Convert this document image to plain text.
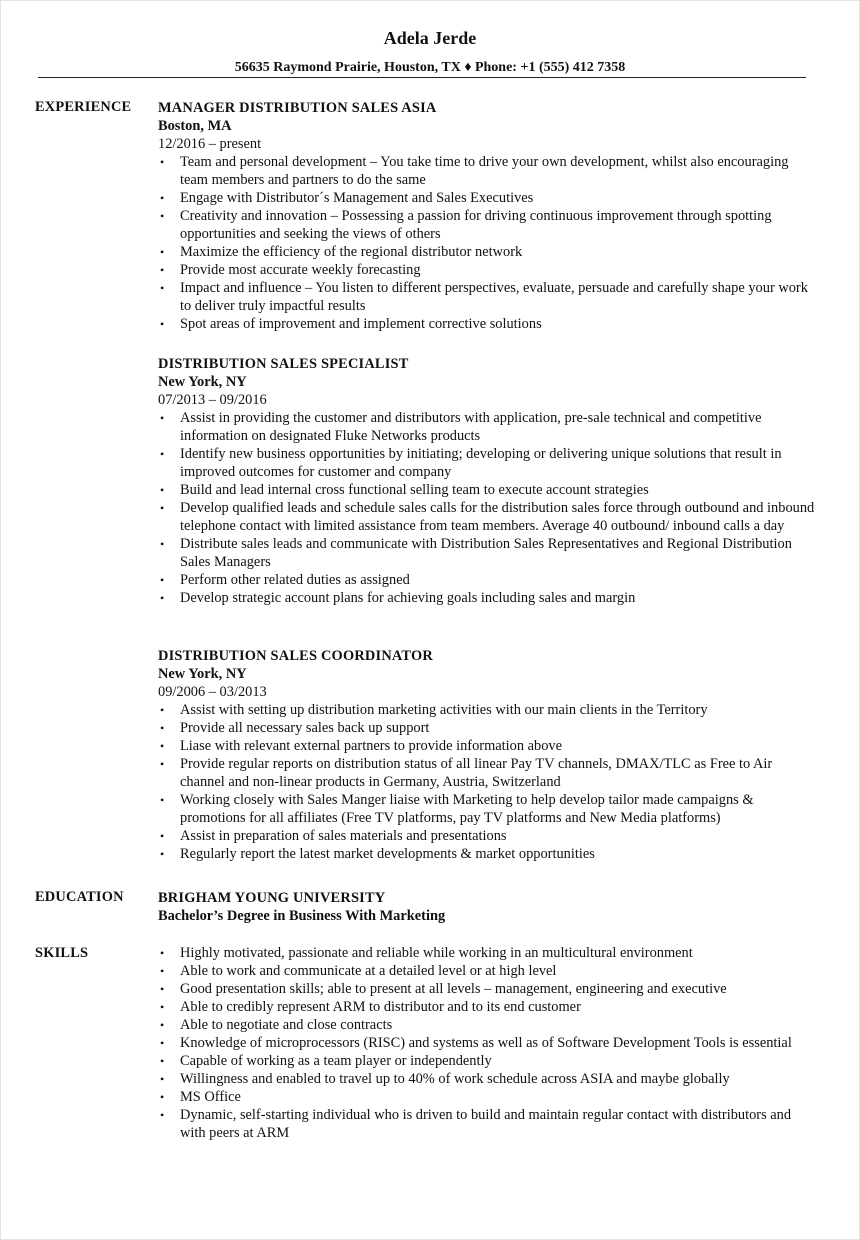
Adela Jerde
56635 Raymond Prairie, Houston, TX ♦ Phone: +1 (555) 412 7358
EXPERIENCE MANAGER DISTRIBUTION SALES ASIA
Boston, MA
12/2016 – present
• Team and personal development – You take time to drive your own development, whilst also encouraging team members and partners to do the same
• Engage with Distributor´s Management and Sales Executives
• Creativity and innovation – Possessing a passion for driving continuous improvement through spotting opportunities and seeking the views of others
• Maximize the efficiency of the regional distributor network
• Provide most accurate weekly forecasting
• Impact and influence – You listen to different perspectives, evaluate, persuade and carefully shape your work to deliver truly impactful results
• Spot areas of improvement and implement corrective solutions
DISTRIBUTION SALES SPECIALIST
New York, NY
07/2013 – 09/2016
• Assist in providing the customer and distributors with application, pre-sale technical and competitive information on designated Fluke Networks products
• Identify new business opportunities by initiating; developing or delivering unique solutions that result in improved outcomes for customer and company
• Build and lead internal cross functional selling team to execute account strategies
• Develop qualified leads and schedule sales calls for the distribution sales force through outbound and inbound telephone contact with limited assistance from team members. Average 40 outbound/ inbound calls a day
• Distribute sales leads and communicate with Distribution Sales Representatives and Regional Distribution Sales Managers
• Perform other related duties as assigned
• Develop strategic account plans for achieving goals including sales and margin
DISTRIBUTION SALES COORDINATOR
New York, NY
09/2006 – 03/2013
• Assist with setting up distribution marketing activities with our main clients in the Territory
• Provide all necessary sales back up support
• Liase with relevant external partners to provide information above
• Provide regular reports on distribution status of all linear Pay TV channels, DMAX/TLC as Free to Air channel and non-linear products in Germany, Austria, Switzerland
• Working closely with Sales Manger liaise with Marketing to help develop tailor made campaigns & promotions for all affiliates (Free TV platforms, pay TV platforms and New Media platforms)
• Assist in preparation of sales materials and presentations
• Regularly report the latest market developments & market opportunities
EDUCATION BRIGHAM YOUNG UNIVERSITY
Bachelor’s Degree in Business With Marketing
SKILLS
•	Highly motivated, passionate and reliable while working in an multicultural environment
• Able to work and communicate at a detailed level or at high level
• Good presentation skills; able to present at all levels – management, engineering and executive
• Able to credibly represent ARM to distributor and to its end customer
• Able to negotiate and close contracts
• Knowledge of microprocessors (RISC) and systems as well as of Software Development Tools is essential
• Capable of working as a team player or independently
• Willingness and enabled to travel up to 40% of work schedule across ASIA and maybe globally
• MS Office
• Dynamic, self-starting individual who is driven to build and maintain regular contact with distributors and with peers at ARM
